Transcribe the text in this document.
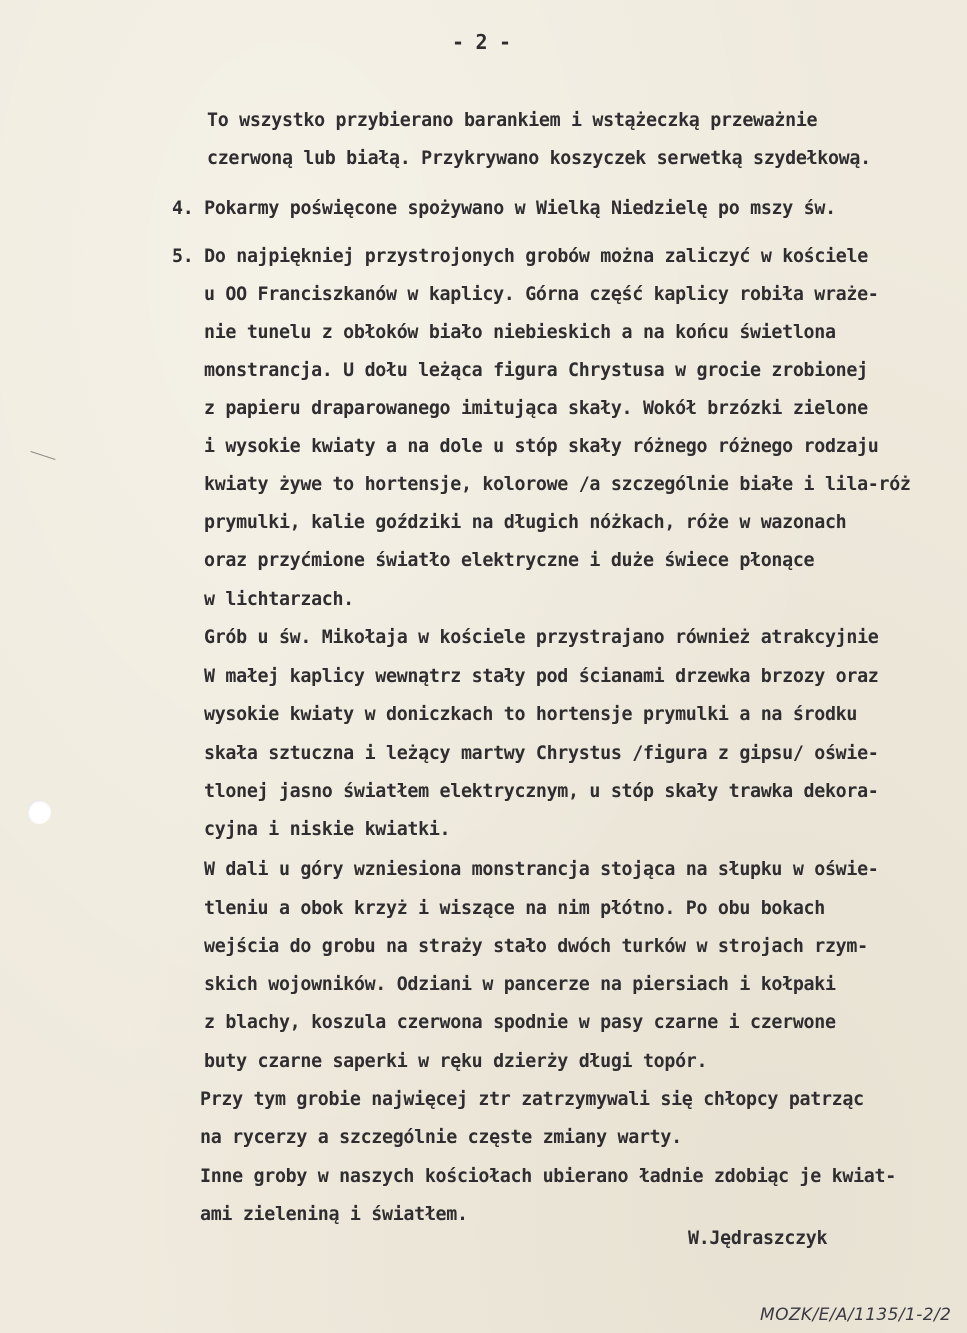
- 2 -
To wszystko przybierano barankiem i wstążeczką przeważnie
czerwoną lub białą. Przykrywano koszyczek serwetką szydełkową.
4. Pokarmy poświęcone spożywano w Wielką Niedzielę po mszy św.
5. Do najpiękniej przystrojonych grobów można zaliczyć w kościele
u OO Franciszkanów w kaplicy. Górna część kaplicy robiła wraże-
nie tunelu z obłoków biało niebieskich a na końcu świetlona
monstrancja. U dołu leżąca figura Chrystusa w grocie zrobionej
z papieru draparowanego imitująca skały. Wokół brzózki zielone
i wysokie kwiaty a na dole u stóp skały różnego różnego rodzaju
kwiaty żywe to hortensje, kolorowe /a szczególnie białe i lila-róż
prymulki, kalie goździki na długich nóżkach, róże w wazonach
oraz przyćmione światło elektryczne i duże świece płonące
w lichtarzach.
Grób u św. Mikołaja w kościele przystrajano również atrakcyjnie
W małej kaplicy wewnątrz stały pod ścianami drzewka brzozy oraz
wysokie kwiaty w doniczkach to hortensje prymulki a na środku
skała sztuczna i leżący martwy Chrystus /figura z gipsu/ oświe-
tlonej jasno światłem elektrycznym, u stóp skały trawka dekora-
cyjna i niskie kwiatki.
W dali u góry wzniesiona monstrancja stojąca na słupku w oświe-
tleniu a obok krzyż i wiszące na nim płótno. Po obu bokach
wejścia do grobu na straży stało dwóch turków w strojach rzym-
skich wojowników. Odziani w pancerze na piersiach i kołpaki
z blachy, koszula czerwona spodnie w pasy czarne i czerwone
buty czarne saperki w ręku dzierży długi topór.
Przy tym grobie najwięcej ztr zatrzymywali się chłopcy patrząc
na rycerzy a szczególnie częste zmiany warty.
Inne groby w naszych kościołach ubierano ładnie zdobiąc je kwiat-
ami zieleniną i światłem.
W.Jędraszczyk
MOZK/E/A/1135/1-2/2
